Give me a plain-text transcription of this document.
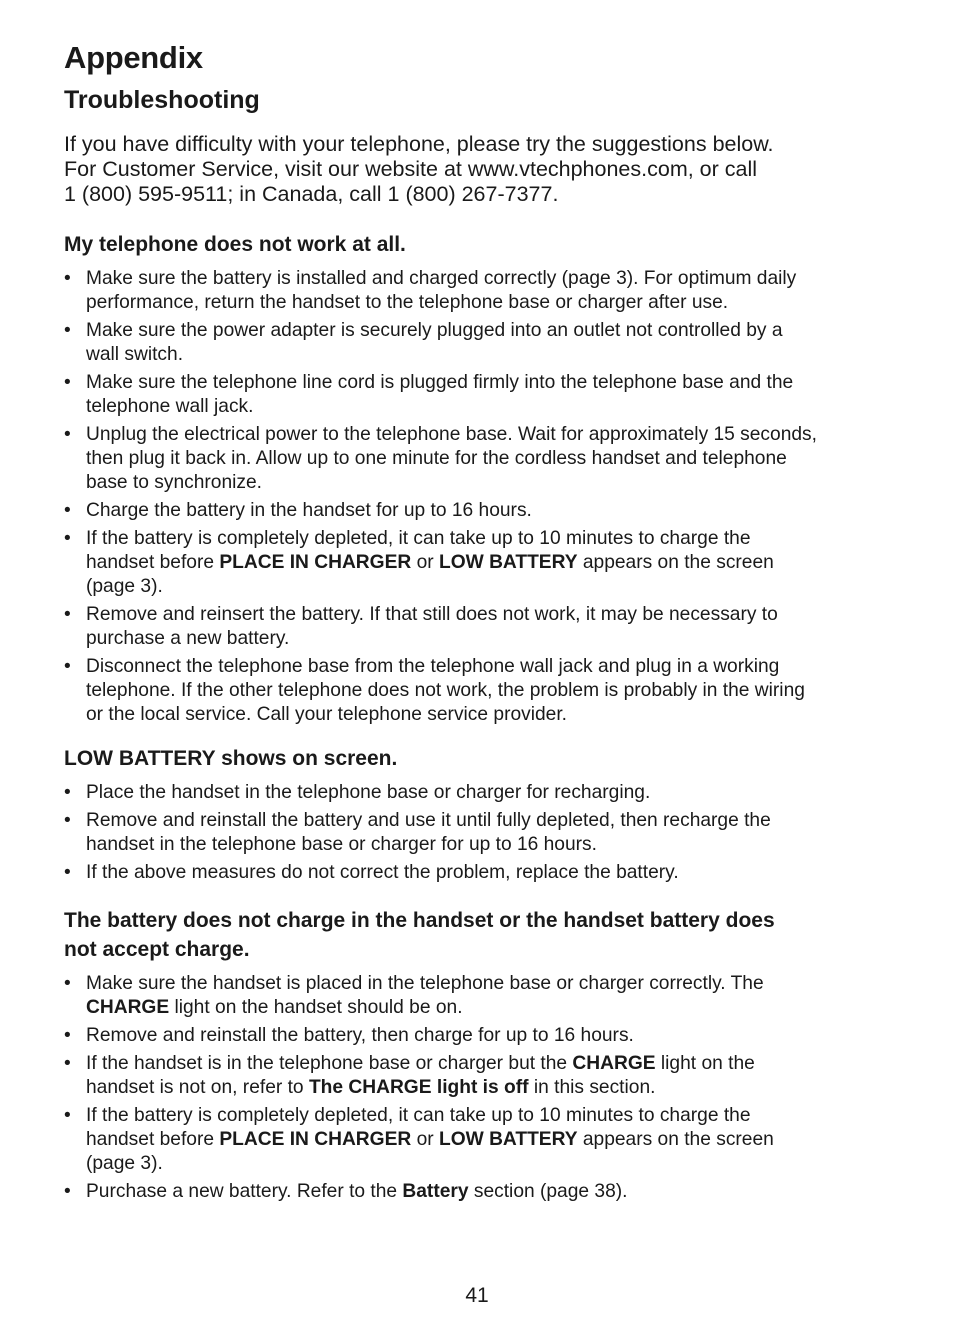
Appendix
Troubleshooting

If you have difficulty with your telephone, please try the suggestions below.
For Customer Service, visit our website at www.vtechphones.com, or call
1 (800) 595-9511; in Canada, call 1 (800) 267-7377.

My telephone does not work at all.
• Make sure the battery is installed and charged correctly (page 3). For optimum daily
performance, return the handset to the telephone base or charger after use.
• Make sure the power adapter is securely plugged into an outlet not controlled by a
wall switch.
• Make sure the telephone line cord is plugged firmly into the telephone base and the
telephone wall jack.
• Unplug the electrical power to the telephone base. Wait for approximately 15 seconds,
then plug it back in. Allow up to one minute for the cordless handset and telephone
base to synchronize.
• Charge the battery in the handset for up to 16 hours.
• If the battery is completely depleted, it can take up to 10 minutes to charge the
handset before PLACE IN CHARGER or LOW BATTERY appears on the screen
(page 3).
• Remove and reinsert the battery. If that still does not work, it may be necessary to
purchase a new battery.
• Disconnect the telephone base from the telephone wall jack and plug in a working
telephone. If the other telephone does not work, the problem is probably in the wiring
or the local service. Call your telephone service provider.
LOW BATTERY shows on screen.
• Place the handset in the telephone base or charger for recharging.
• Remove and reinstall the battery and use it until fully depleted, then recharge the
handset in the telephone base or charger for up to 16 hours.
• If the above measures do not correct the problem, replace the battery.
The battery does not charge in the handset or the handset battery does
not accept charge.
• Make sure the handset is placed in the telephone base or charger correctly. The
CHARGE light on the handset should be on.
• Remove and reinstall the battery, then charge for up to 16 hours.
• If the handset is in the telephone base or charger but the CHARGE light on the
handset is not on, refer to The CHARGE light is off in this section.
• If the battery is completely depleted, it can take up to 10 minutes to charge the
handset before PLACE IN CHARGER or LOW BATTERY appears on the screen
(page 3).
• Purchase a new battery. Refer to the Battery section (page 38).
41
